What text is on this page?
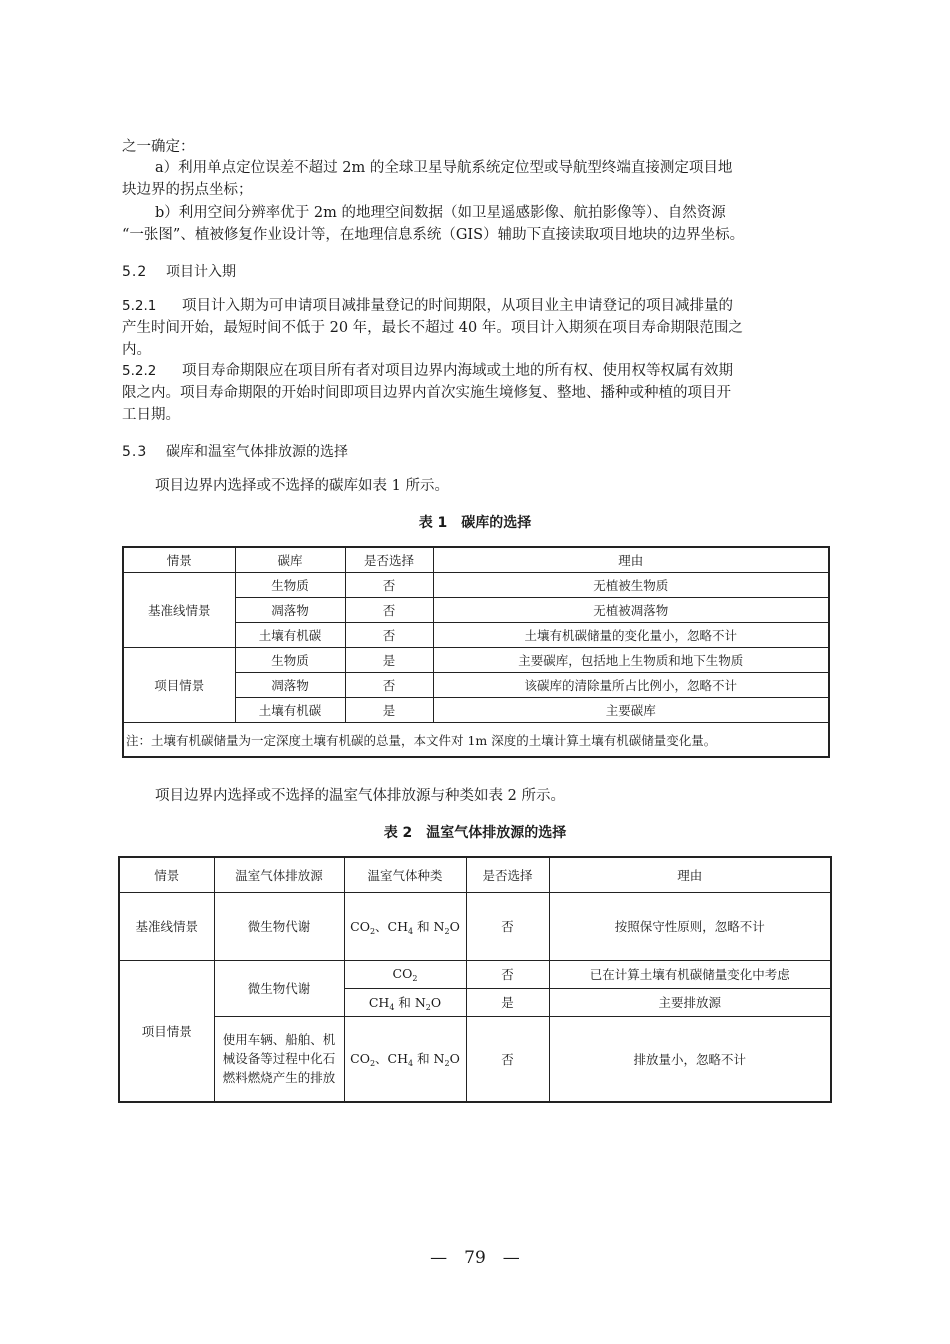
之一确定：
a）利用单点定位误差不超过 2m 的全球卫星导航系统定位型或导航型终端直接测定项目地
块边界的拐点坐标；
b）利用空间分辨率优于 2m 的地理空间数据（如卫星遥感影像、航拍影像等）、自然资源
“一张图”、植被修复作业设计等，在地理信息系统（GIS）辅助下直接读取项目地块的边界坐标。
5.2 项目计入期
5.2.1 项目计入期为可申请项目减排量登记的时间期限，从项目业主申请登记的项目减排量的
产生时间开始，最短时间不低于 20 年，最长不超过 40 年。项目计入期须在项目寿命期限范围之
内。
5.2.2 项目寿命期限应在项目所有者对项目边界内海域或土地的所有权、使用权等权属有效期
限之内。项目寿命期限的开始时间即项目边界内首次实施生境修复、整地、播种或种植的项目开
工日期。
5.3 碳库和温室气体排放源的选择
项目边界内选择或不选择的碳库如表 1 所示。
表 1　碳库的选择
情景	碳库	是否选择	理由
基准线情景	生物质	否	无植被生物质
	凋落物	否	无植被凋落物
	土壤有机碳	否	土壤有机碳储量的变化量小，忽略不计
项目情景	生物质	是	主要碳库，包括地上生物质和地下生物质
	凋落物	否	该碳库的清除量所占比例小，忽略不计
	土壤有机碳	是	主要碳库
注：土壤有机碳储量为一定深度土壤有机碳的总量，本文件对 1m 深度的土壤计算土壤有机碳储量变化量。			
项目边界内选择或不选择的温室气体排放源与种类如表 2 所示。
表 2　温室气体排放源的选择
情景	温室气体排放源	温室气体种类	是否选择	理由
基准线情景	微生物代谢	$CO_2$、$CH_4$ 和 $N_2O$	否	按照保守性原则，忽略不计
项目情景	微生物代谢	$CO_2$	否	已在计算土壤有机碳储量变化中考虑
		$CH_4$ 和 $N_2O$	是	主要排放源
	使用车辆、船舶、机械设备等过程中化石燃料燃烧产生的排放	$CO_2$、$CH_4$ 和 $N_2O$	否	排放量小，忽略不计
—　79　—
